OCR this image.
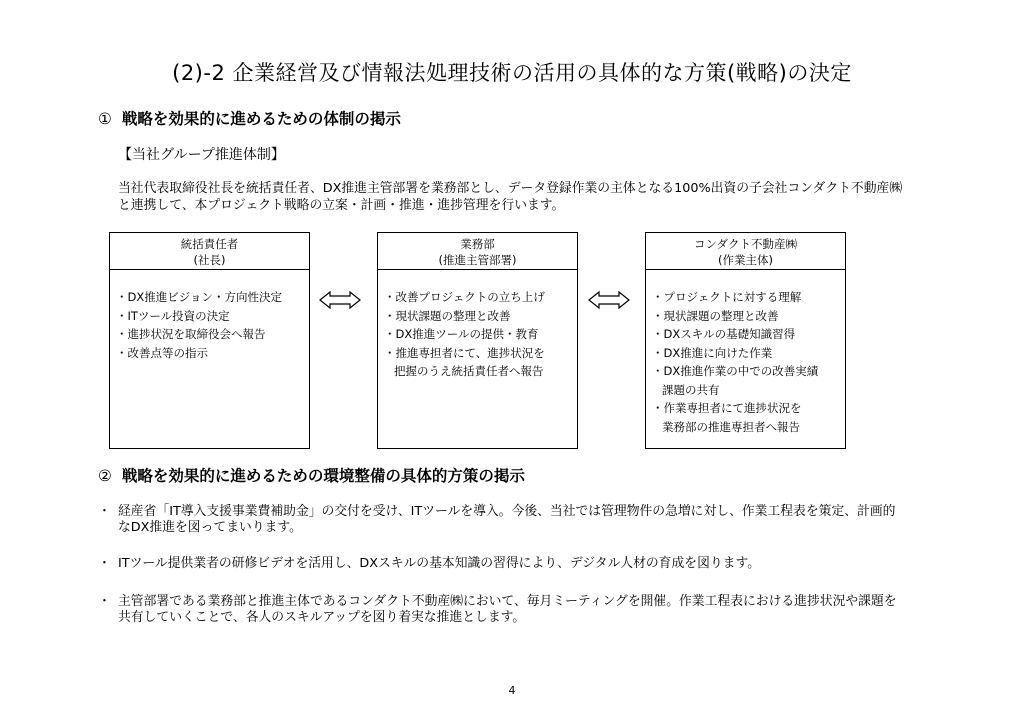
(2)-2 企業経営及び情報法処理技術の活用の具体的な方策(戦略)の決定
① 戦略を効果的に進めるための体制の掲示
【当社グループ推進体制】
当社代表取締役社長を統括責任者、DX推進主管部署を業務部とし、データ登録作業の主体となる100%出資の子会社コンダクト不動産㈱と連携して、本プロジェクト戦略の立案・計画・推進・進捗管理を行います。
統括責任者
(社長)
・DX推進ビジョン・方向性決定
・ITツール投資の決定
・進捗状況を取締役会へ報告
・改善点等の指示
業務部
(推進主管部署)
・改善プロジェクトの立ち上げ
・現状課題の整理と改善
・DX推進ツールの提供・教育
・推進専担者にて、進捗状況を
把握のうえ統括責任者へ報告
コンダクト不動産㈱
(作業主体)
・プロジェクトに対する理解
・現状課題の整理と改善
・DXスキルの基礎知識習得
・DX推進に向けた作業
・DX推進作業の中での改善実績
課題の共有
・作業専担者にて進捗状況を
業務部の推進専担者へ報告
② 戦略を効果的に進めるための環境整備の具体的方策の掲示
・ 経産省「IT導入支援事業費補助金」の交付を受け、ITツールを導入。今後、当社では管理物件の急増に対し、作業工程表を策定、計画的なDX推進を図ってまいります。
・ ITツール提供業者の研修ビデオを活用し、DXスキルの基本知識の習得により、デジタル人材の育成を図ります。
・ 主管部署である業務部と推進主体であるコンダクト不動産㈱において、毎月ミーティングを開催。作業工程表における進捗状況や課題を共有していくことで、各人のスキルアップを図り着実な推進とします。
4
